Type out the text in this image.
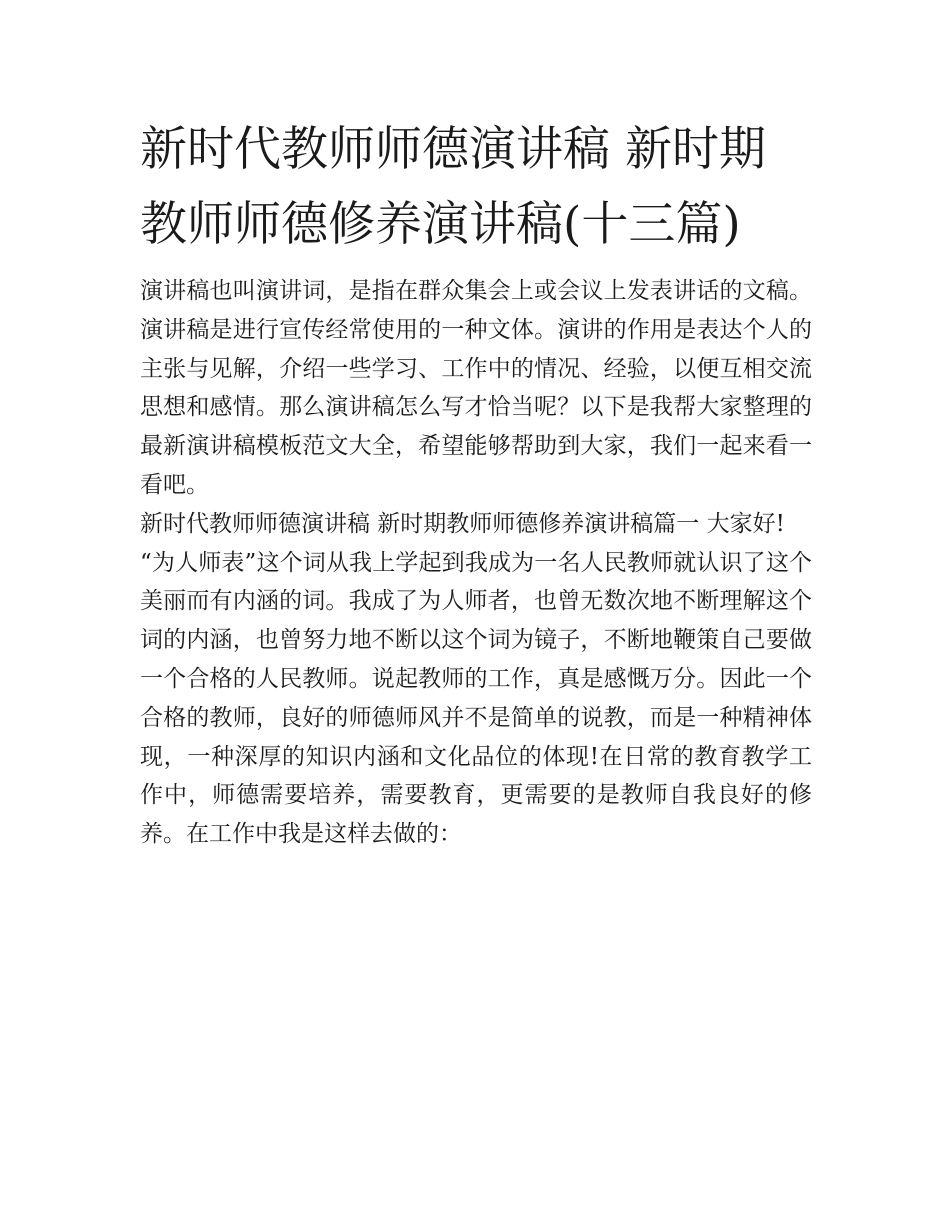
新时代教师师德演讲稿 新时期教师师德修养演讲稿(十三篇)

演讲稿也叫演讲词，是指在群众集会上或会议上发表讲话的文稿。演讲稿是进行宣传经常使用的一种文体。演讲的作用是表达个人的主张与见解，介绍一些学习、工作中的情况、经验，以便互相交流思想和感情。那么演讲稿怎么写才恰当呢？以下是我帮大家整理的最新演讲稿模板范文大全，希望能够帮助到大家，我们一起来看一看吧。

新时代教师师德演讲稿 新时期教师师德修养演讲稿篇一 大家好!

“为人师表”这个词从我上学起到我成为一名人民教师就认识了这个美丽而有内涵的词。我成了为人师者，也曾无数次地不断理解这个词的内涵，也曾努力地不断以这个词为镜子，不断地鞭策自己要做一个合格的人民教师。说起教师的工作，真是感慨万分。因此一个合格的教师，良好的师德师风并不是简单的说教，而是一种精神体现，一种深厚的知识内涵和文化品位的体现!在日常的教育教学工作中，师德需要培养，需要教育，更需要的是教师自我良好的修养。在工作中我是这样去做的：
